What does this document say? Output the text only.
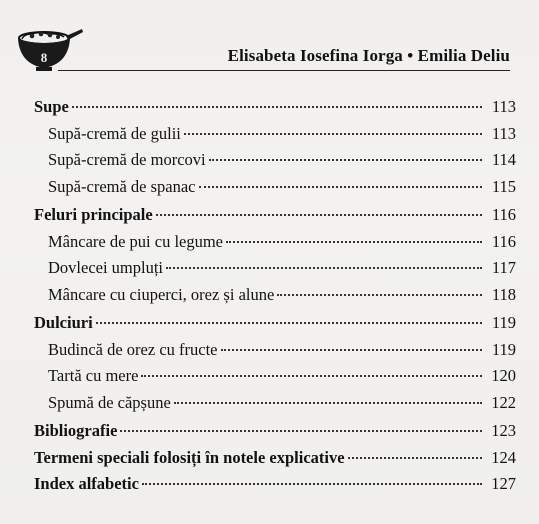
8	Elisabeta Iosefina Iorga • Emilia Deliu
Supe	113
Supă-cremă de gulii	113
Supă-cremă de morcovi	114
Supă-cremă de spanac	115
Feluri principale	116
Mâncare de pui cu legume	116
Dovlecei umpluți	117
Mâncare cu ciuperci, orez și alune	118
Dulciuri	119
Budincă de orez cu fructe	119
Tartă cu mere	120
Spumă de căpșune	122
Bibliografie	123
Termeni speciali folosiți în notele explicative	124
Index alfabetic	127
